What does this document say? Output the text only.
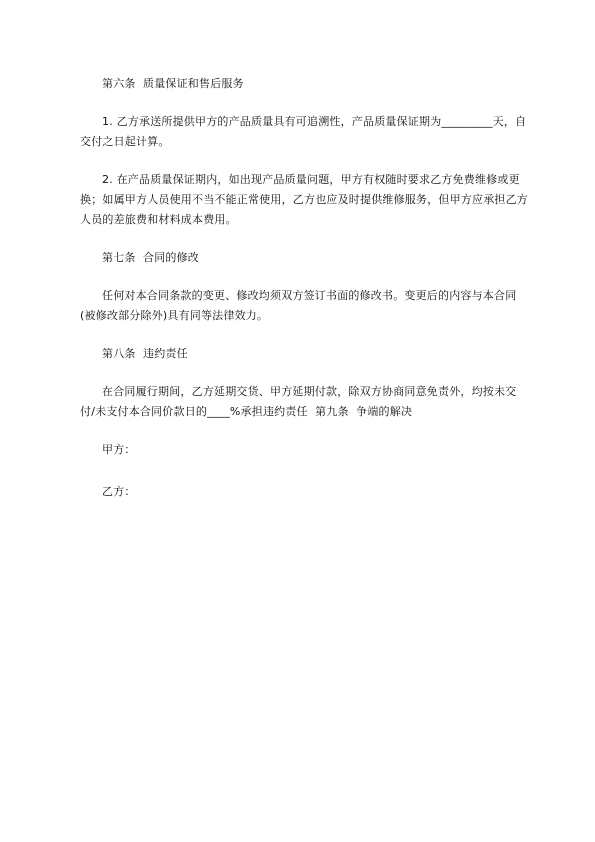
第六条  质量保证和售后服务

1. 乙方承送所提供甲方的产品质量具有可追溯性，产品质量保证期为_________天，自交付之日起计算。

2. 在产品质量保证期内，如出现产品质量问题，甲方有权随时要求乙方免费维修或更换；如属甲方人员使用不当不能正常使用，乙方也应及时提供维修服务，但甲方应承担乙方人员的差旅费和材料成本费用。

第七条  合同的修改

任何对本合同条款的变更、修改均须双方签订书面的修改书。变更后的内容与本合同(被修改部分除外)具有同等法律效力。

第八条  违约责任

在合同履行期间，乙方延期交货、甲方延期付款，除双方协商同意免责外，均按未交付/未支付本合同价款日的____%承担违约责任  第九条  争端的解决

甲方：

乙方：
